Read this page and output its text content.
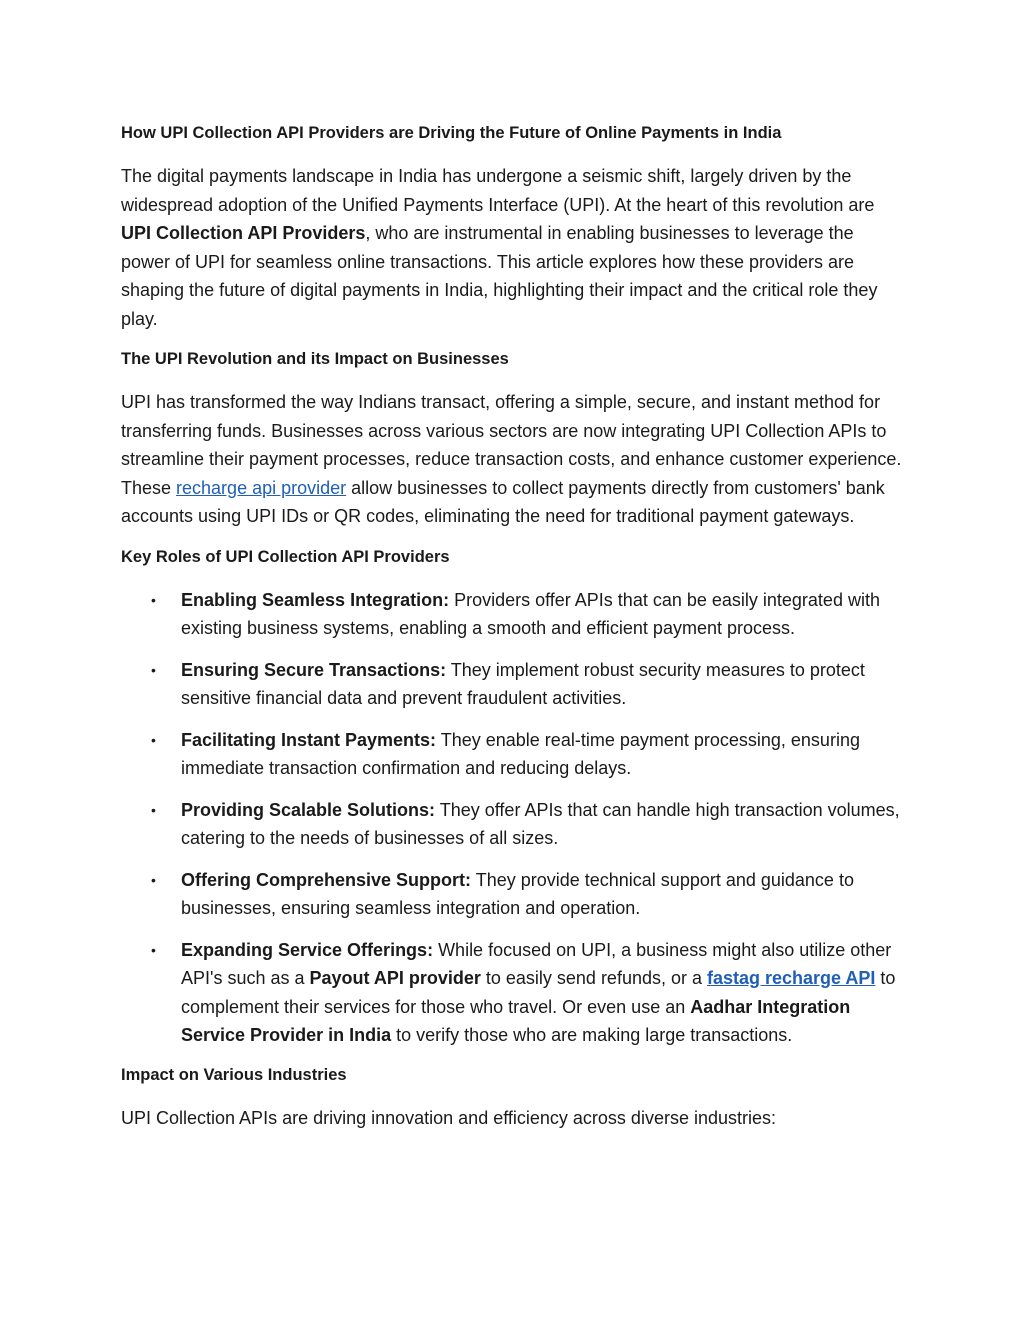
How UPI Collection API Providers are Driving the Future of Online Payments in India

The digital payments landscape in India has undergone a seismic shift, largely driven by the widespread adoption of the Unified Payments Interface (UPI). At the heart of this revolution are UPI Collection API Providers, who are instrumental in enabling businesses to leverage the power of UPI for seamless online transactions. This article explores how these providers are shaping the future of digital payments in India, highlighting their impact and the critical role they play.

The UPI Revolution and its Impact on Businesses

UPI has transformed the way Indians transact, offering a simple, secure, and instant method for transferring funds. Businesses across various sectors are now integrating UPI Collection APIs to streamline their payment processes, reduce transaction costs, and enhance customer experience. These recharge api provider allow businesses to collect payments directly from customers' bank accounts using UPI IDs or QR codes, eliminating the need for traditional payment gateways.

Key Roles of UPI Collection API Providers
• Enabling Seamless Integration: Providers offer APIs that can be easily integrated with existing business systems, enabling a smooth and efficient payment process.
• Ensuring Secure Transactions: They implement robust security measures to protect sensitive financial data and prevent fraudulent activities.
• Facilitating Instant Payments: They enable real-time payment processing, ensuring immediate transaction confirmation and reducing delays.
• Providing Scalable Solutions: They offer APIs that can handle high transaction volumes, catering to the needs of businesses of all sizes.
• Offering Comprehensive Support: They provide technical support and guidance to businesses, ensuring seamless integration and operation.
• Expanding Service Offerings: While focused on UPI, a business might also utilize other API's such as a Payout API provider to easily send refunds, or a fastag recharge API to complement their services for those who travel. Or even use an Aadhar Integration Service Provider in India to verify those who are making large transactions.
Impact on Various Industries

UPI Collection APIs are driving innovation and efficiency across diverse industries:
